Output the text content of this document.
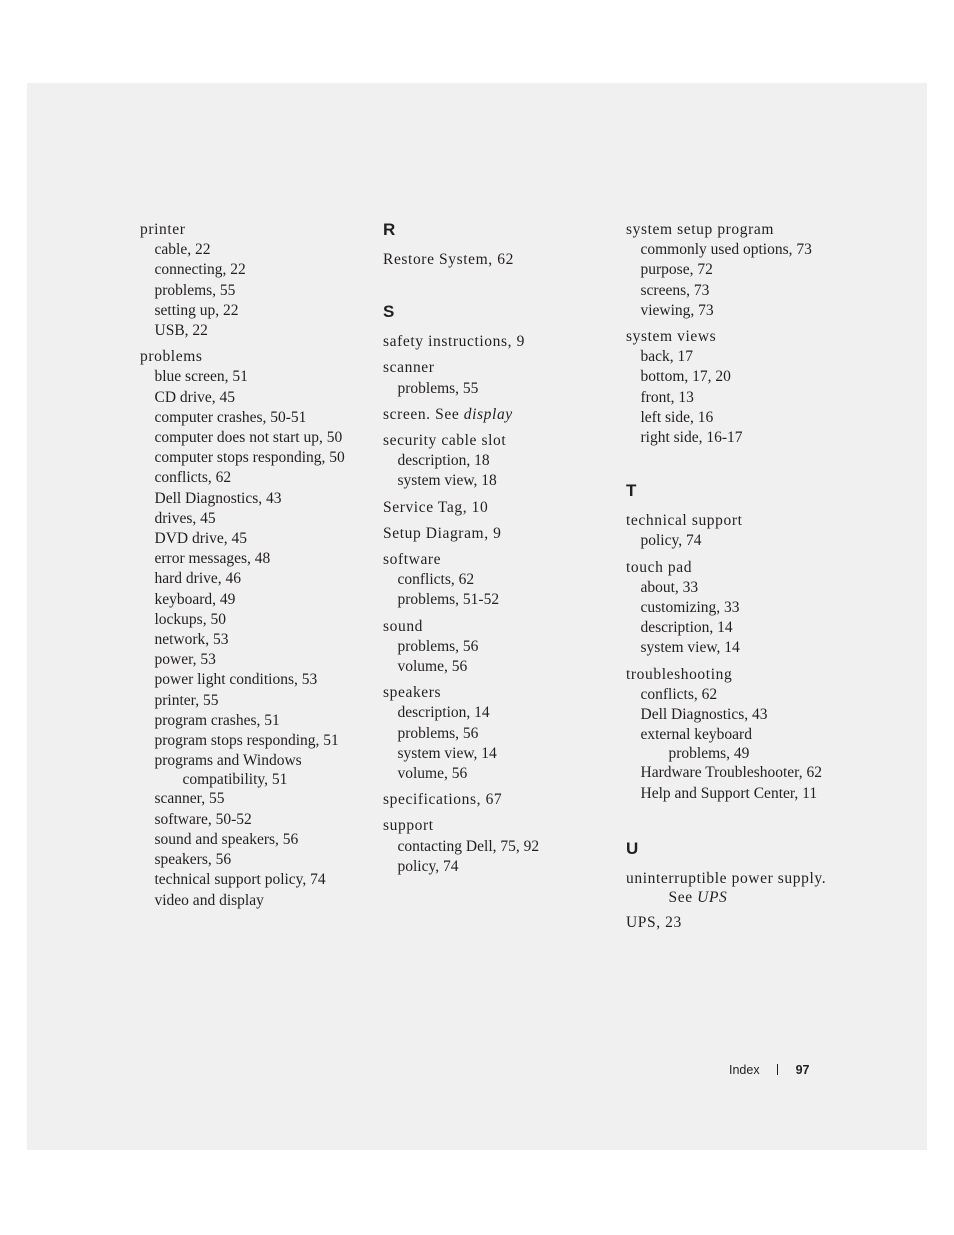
printer
cable, 22
connecting, 22
problems, 55
setting up, 22
USB, 22
problems
blue screen, 51
CD drive, 45
computer crashes, 50-51
computer does not start up, 50
computer stops responding, 50
conflicts, 62
Dell Diagnostics, 43
drives, 45
DVD drive, 45
error messages, 48
hard drive, 46
keyboard, 49
lockups, 50
network, 53
power, 53
power light conditions, 53
printer, 55
program crashes, 51
program stops responding, 51
programs and Windows
compatibility, 51
scanner, 55
software, 50-52
sound and speakers, 56
speakers, 56
technical support policy, 74
video and display
R
Restore System, 62
S
safety instructions, 9
scanner
problems, 55
screen. See display
security cable slot
description, 18
system view, 18
Service Tag, 10
Setup Diagram, 9
software
conflicts, 62
problems, 51-52
sound
problems, 56
volume, 56
speakers
description, 14
problems, 56
system view, 14
volume, 56
specifications, 67
support
contacting Dell, 75, 92
policy, 74
system setup program
commonly used options, 73
purpose, 72
screens, 73
viewing, 73
system views
back, 17
bottom, 17, 20
front, 13
left side, 16
right side, 16-17
T
technical support
policy, 74
touch pad
about, 33
customizing, 33
description, 14
system view, 14
troubleshooting
conflicts, 62
Dell Diagnostics, 43
external keyboard
problems, 49
Hardware Troubleshooter, 62
Help and Support Center, 11
U
uninterruptible power supply.
See UPS
UPS, 23
Index	97
